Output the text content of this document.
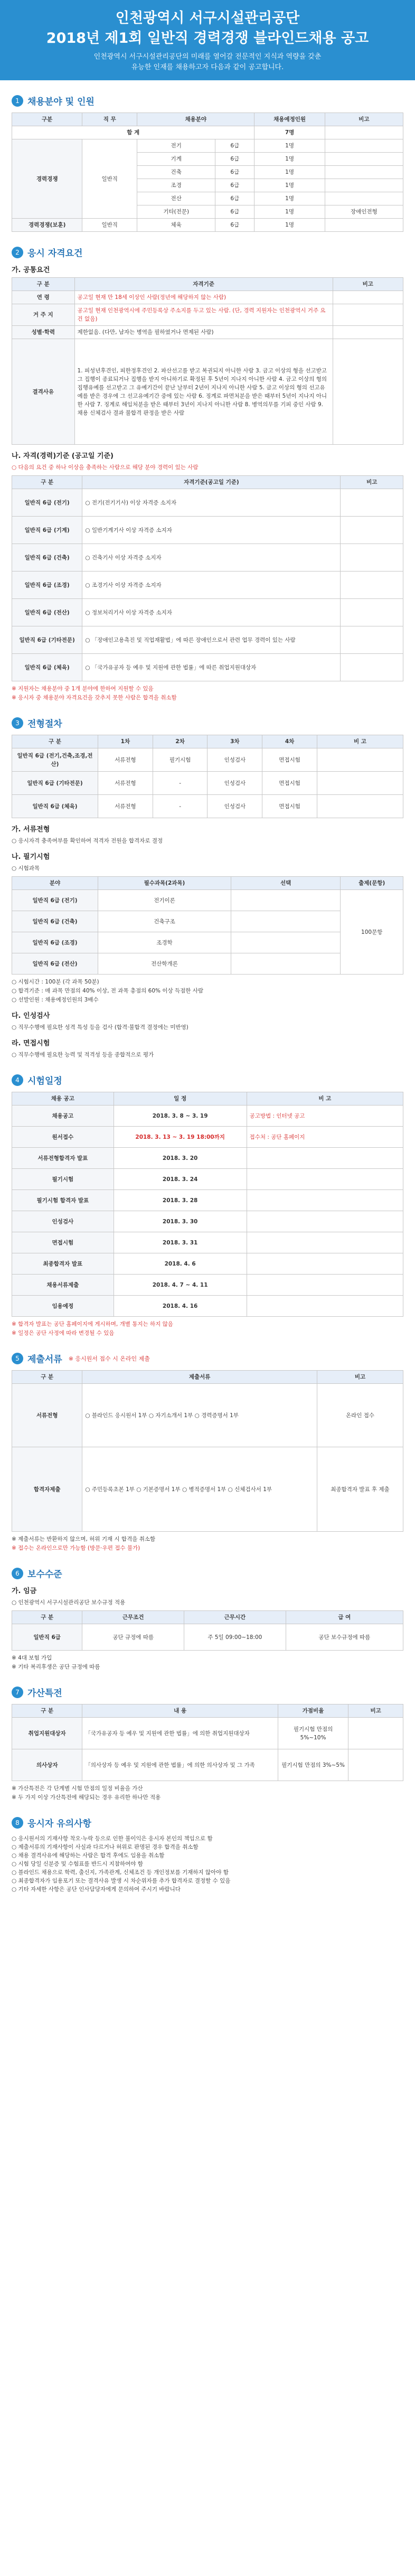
인천광역시 서구시설관리공단
2018년 제1회 일반직 경력경쟁 블라인드채용 공고

인천광역시 서구시설관리공단의 미래를 열어갈 전문적인 지식과 역량을 갖춘

유능한 인재를 채용하고자 다음과 같이 공고합니다.

1 채용분야 및 인원
구분	직 무	채용분야		채용예정인원	비고
합 계				7명	
경력경쟁	일반직	전기	6급	1명	
		기계	6급	1명	
		건축	6급	1명	
		조경	6급	1명	
		전산	6급	1명	
		기타(전문)	6급	1명	장애인전형
경력경쟁(보훈)	일반직	체육	6급	1명	
2 응시 자격요건
가. 공통요건
구 분	자격기준	비고
연 령	공고일 현재 만 18세 이상인 사람(정년에 해당하지 않는 사람)	
거 주 지	공고일 현재 인천광역시에 주민등록상 주소지를 두고 있는 사람. (단, 경력 지원자는 인천광역시 거주 요건 없음)	
성별·학력	제한없음. (다만, 남자는 병역을 필하였거나 면제된 사람)	
결격사유	1. 피성년후견인, 피한정후견인 2. 파산선고를 받고 복권되지 아니한 사람 3. 금고 이상의 형을 선고받고 그 집행이 종료되거나 집행을 받지 아니하기로 확정된 후 5년이 지나지 아니한 사람 4. 금고 이상의 형의 집행유예를 선고받고 그 유예기간이 끝난 날부터 2년이 지나지 아니한 사람 5. 금고 이상의 형의 선고유예를 받은 경우에 그 선고유예기간 중에 있는 사람 6. 징계로 파면처분을 받은 때부터 5년이 지나지 아니한 사람 7. 징계로 해임처분을 받은 때부터 3년이 지나지 아니한 사람 8. 병역의무를 기피 중인 사람 9. 채용 신체검사 결과 불합격 판정을 받은 사람	
나. 자격(경력)기준 (공고일 기준)
○ 다음의 요건 중 하나 이상을 충족하는 사람으로 해당 분야 경력이 있는 사람
구 분	자격기준(공고일 기준)	비고
일반직 6급 (전기)	○ 전기(전기기사) 이상 자격증 소지자	
일반직 6급 (기계)	○ 일반기계기사 이상 자격증 소지자	
일반직 6급 (건축)	○ 건축기사 이상 자격증 소지자	
일반직 6급 (조경)	○ 조경기사 이상 자격증 소지자	
일반직 6급 (전산)	○ 정보처리기사 이상 자격증 소지자	
일반직 6급 (기타전문)	○ 「장애인고용촉진 및 직업재활법」에 따른 장애인으로서 관련 업무 경력이 있는 사람	
일반직 6급 (체육)	○ 「국가유공자 등 예우 및 지원에 관한 법률」에 따른 취업지원대상자	
※ 지원자는 채용분야 중 1개 분야에 한하여 지원할 수 있음
※ 응시자 중 채용분야 자격요건을 갖추지 못한 사람은 합격을 취소함
3 전형절차
구 분	1차	2차	3차	4차	비 고
일반직 6급 (전기,건축,조경,전산)	서류전형	필기시험	인성검사	면접시험	
일반직 6급 (기타전문)	서류전형	-	인성검사	면접시험	
일반직 6급 (체육)	서류전형	-	인성검사	면접시험	
가. 서류전형
○ 응시자격 충족여부를 확인하여 적격자 전원을 합격자로 결정
나. 필기시험
○ 시험과목
분야	필수과목(2과목)	선택	출제(문항)
일반직 6급 (전기)	전기이론		100문항
일반직 6급 (건축)	건축구조		
일반직 6급 (조경)	조경학		
일반직 6급 (전산)	전산학개론		
○ 시험시간 : 100분 (각 과목 50분)
○ 합격기준 : 매 과목 만점의 40% 이상, 전 과목 총점의 60% 이상 득점한 사람
○ 선발인원 : 채용예정인원의 3배수
다. 인성검사
○ 직무수행에 필요한 성격 특성 등을 검사 (합격·불합격 결정에는 미반영)
라. 면접시험
○ 직무수행에 필요한 능력 및 적격성 등을 종합적으로 평가
4 시험일정
채용 공고	일 정	비 고
채용공고	2018. 3. 8 ~ 3. 19	공고방법 : 인터넷 공고
원서접수	2018. 3. 13 ~ 3. 19 18:00까지	접수처 : 공단 홈페이지
서류전형합격자 발표	2018. 3. 20	
필기시험	2018. 3. 24	
필기시험 합격자 발표	2018. 3. 28	
인성검사	2018. 3. 30	
면접시험	2018. 3. 31	
최종합격자 발표	2018. 4. 6	
채용서류제출	2018. 4. 7 ~ 4. 11	
임용예정	2018. 4. 16	
※ 합격자 발표는 공단 홈페이지에 게시하며, 개별 통지는 하지 않음
※ 일정은 공단 사정에 따라 변경될 수 있음
5 제출서류 ※ 응시원서 접수 시 온라인 제출
구 분	제출서류	비고
서류전형	○ 블라인드 응시원서 1부 ○ 자기소개서 1부 ○ 경력증명서 1부	온라인 접수
합격자제출	○ 주민등록초본 1부 ○ 기본증명서 1부 ○ 병적증명서 1부 ○ 신체검사서 1부	최종합격자 발표 후 제출
※ 제출서류는 반환하지 않으며, 허위 기재 시 합격을 취소함
※ 접수는 온라인으로만 가능함 (방문·우편 접수 불가)
6 보수수준
가. 임금
○ 인천광역시 서구시설관리공단 보수규정 적용
구 분	근무조건	근무시간	급 여
일반직 6급	공단 규정에 따름	주 5일 09:00~18:00	공단 보수규정에 따름
※ 4대 보험 가입
※ 기타 복리후생은 공단 규정에 따름
7 가산특전
구 분	내 용	가점비율	비고
취업지원대상자	「국가유공자 등 예우 및 지원에 관한 법률」에 의한 취업지원대상자	필기시험 만점의 5%~10%	
의사상자	「의사상자 등 예우 및 지원에 관한 법률」에 의한 의사상자 및 그 가족	필기시험 만점의 3%~5%	
※ 가산특전은 각 단계별 시험 만점의 일정 비율을 가산
※ 두 가지 이상 가산특전에 해당되는 경우 유리한 하나만 적용
8 응시자 유의사항
○ 응시원서의 기재사항 착오·누락 등으로 인한 불이익은 응시자 본인의 책임으로 함
○ 제출서류의 기재사항이 사실과 다르거나 허위로 판명된 경우 합격을 취소함
○ 채용 결격사유에 해당하는 사람은 합격 후에도 임용을 취소함
○ 시험 당일 신분증 및 수험표를 반드시 지참하여야 함
○ 블라인드 채용으로 학력, 출신지, 가족관계, 신체조건 등 개인정보를 기재하지 않아야 함
○ 최종합격자가 임용포기 또는 결격사유 발생 시 차순위자를 추가 합격자로 결정할 수 있음
○ 기타 자세한 사항은 공단 인사담당자에게 문의하여 주시기 바랍니다
